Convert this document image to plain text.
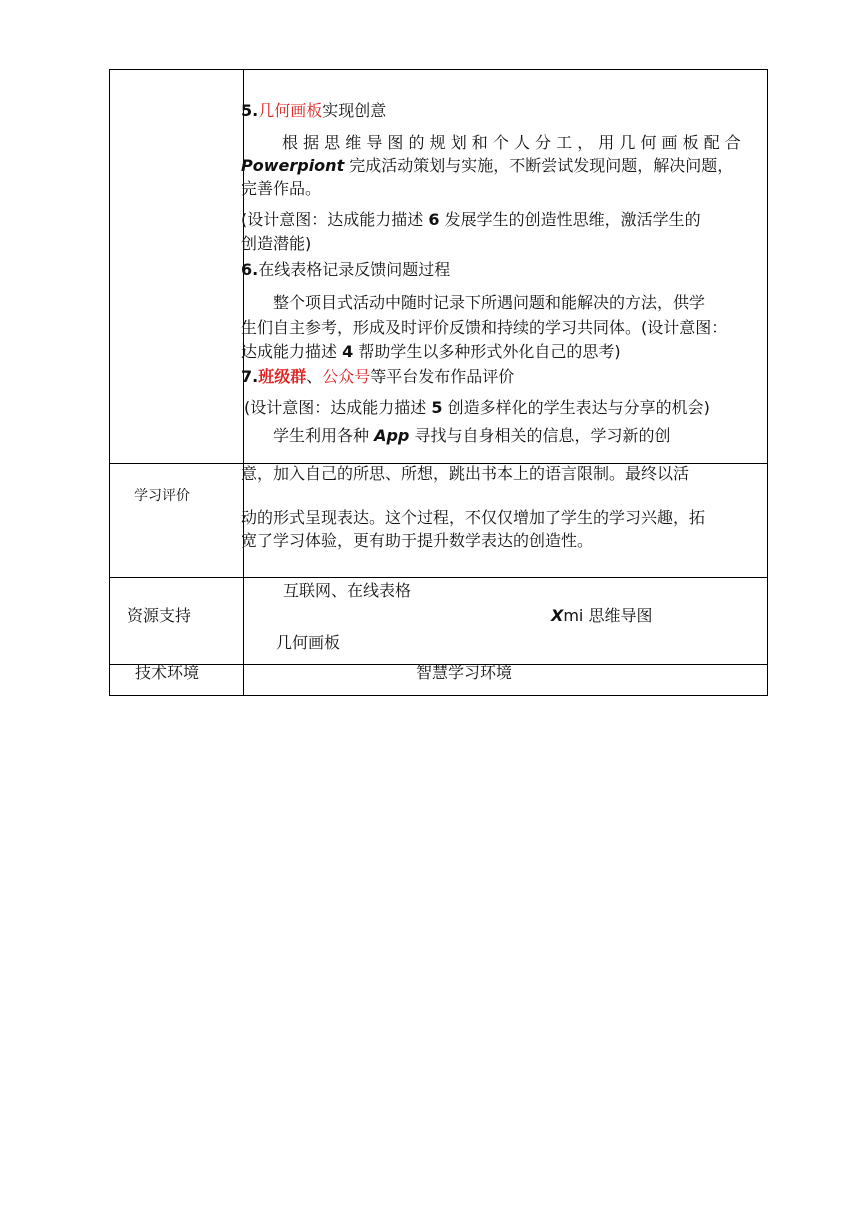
5.几何画板实现创意
根 据 思 维 导 图 的 规 划 和 个 人 分 工 ， 用 几 何 画 板 配 合
Powerpiont 完成活动策划与实施，不断尝试发现问题，解决问题，
完善作品。
(设计意图：达成能力描述 6 发展学生的创造性思维，激活学生的
创造潜能)
6.在线表格记录反馈问题过程
整个项目式活动中随时记录下所遇问题和能解决的方法，供学
生们自主参考，形成及时评价反馈和持续的学习共同体。(设计意图：
达成能力描述 4 帮助学生以多种形式外化自己的思考)
7.班级群、公众号等平台发布作品评价
(设计意图：达成能力描述 5 创造多样化的学生表达与分享的机会)
学生利用各种 App 寻找与自身相关的信息，学习新的创
学习评价
意，加入自己的所思、所想，跳出书本上的语言限制。最终以活
动的形式呈现表达。这个过程，不仅仅增加了学生的学习兴趣，拓
宽了学习体验，更有助于提升数学表达的创造性。
资源支持
互联网、在线表格
Xmi 思维导图
几何画板
技术环境	智慧学习环境
